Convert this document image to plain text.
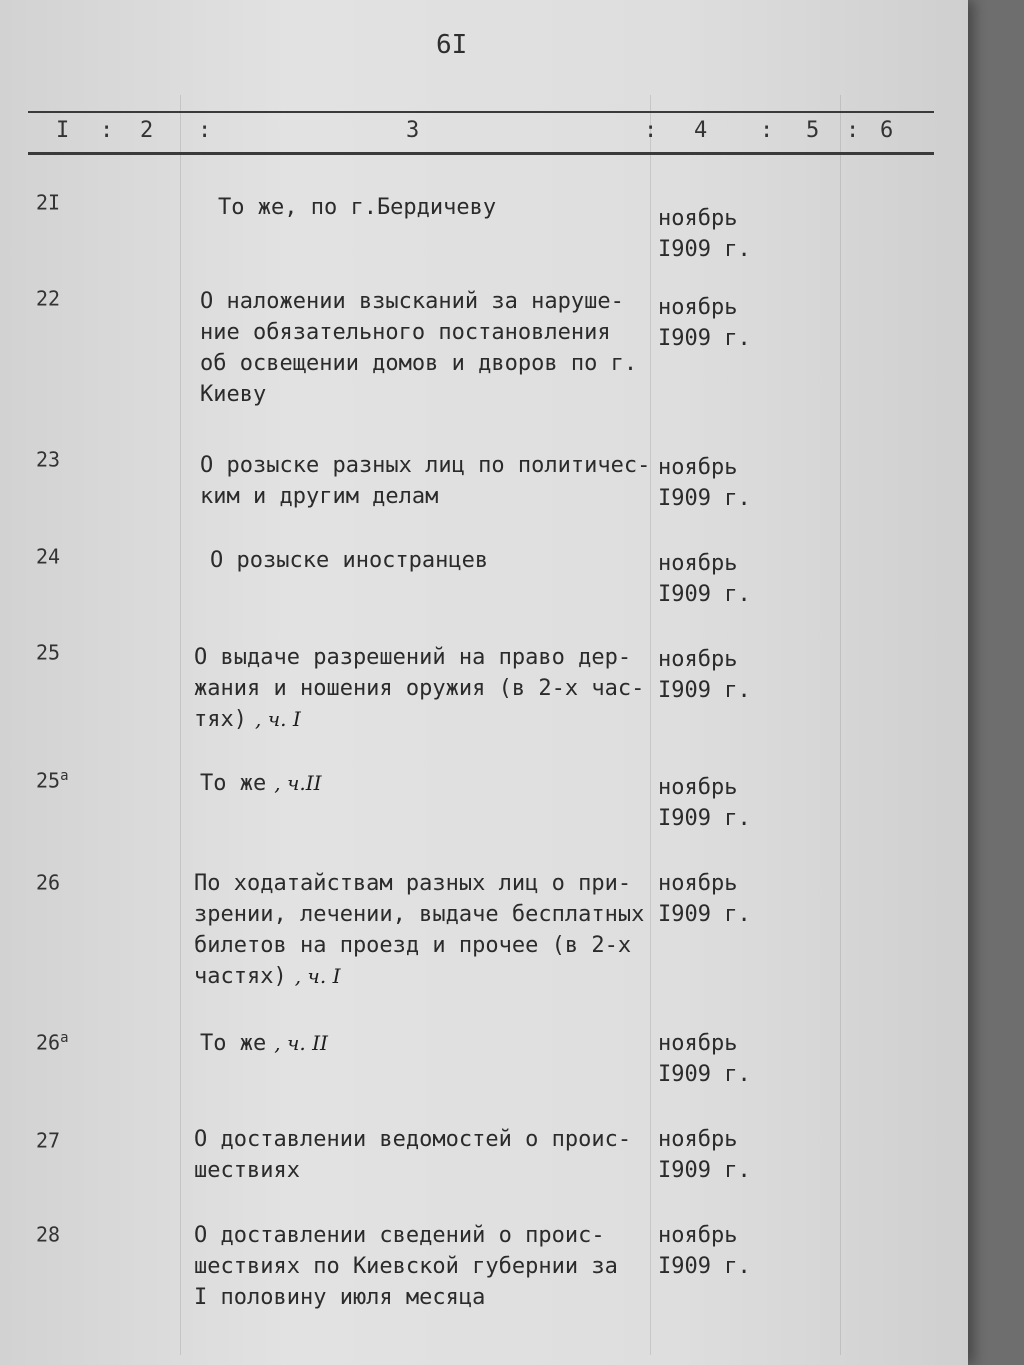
6I
I : 2 :	3	: 4 : 5 : 6
2I	То же, по г.Бердичеву	ноябрь
I909 г.
22	О наложении взысканий за наруше-
ние обязательного постановления
об освещении домов и дворов по г.
Киеву
ноябрь
I909 г.
23	О розыске разных лиц по политичес-
ким и другим делам
ноябрь
I909 г.
24	О розыске иностранцев	ноябрь
I909 г.
25	О выдаче разрешений на право дер-
жания и ношения оружия (в 2-х час-
тях) , ч. I
ноябрь
I909 г.
$25^а$	То же , ч.II	ноябрь
I909 г.
26	По ходатайствам разных лиц о при-
зрении, лечении, выдаче бесплатных
билетов на проезд и прочее (в 2-х
частях) , ч. I
ноябрь
I909 г.
$26^а$	То же , ч. II	ноябрь
I909 г.
27	О доставлении ведомостей о проис-
шествиях
ноябрь
I909 г.
28	О доставлении сведений о проис-
шествиях по Киевской губернии за
I половину июля месяца
ноябрь
I909 г.
